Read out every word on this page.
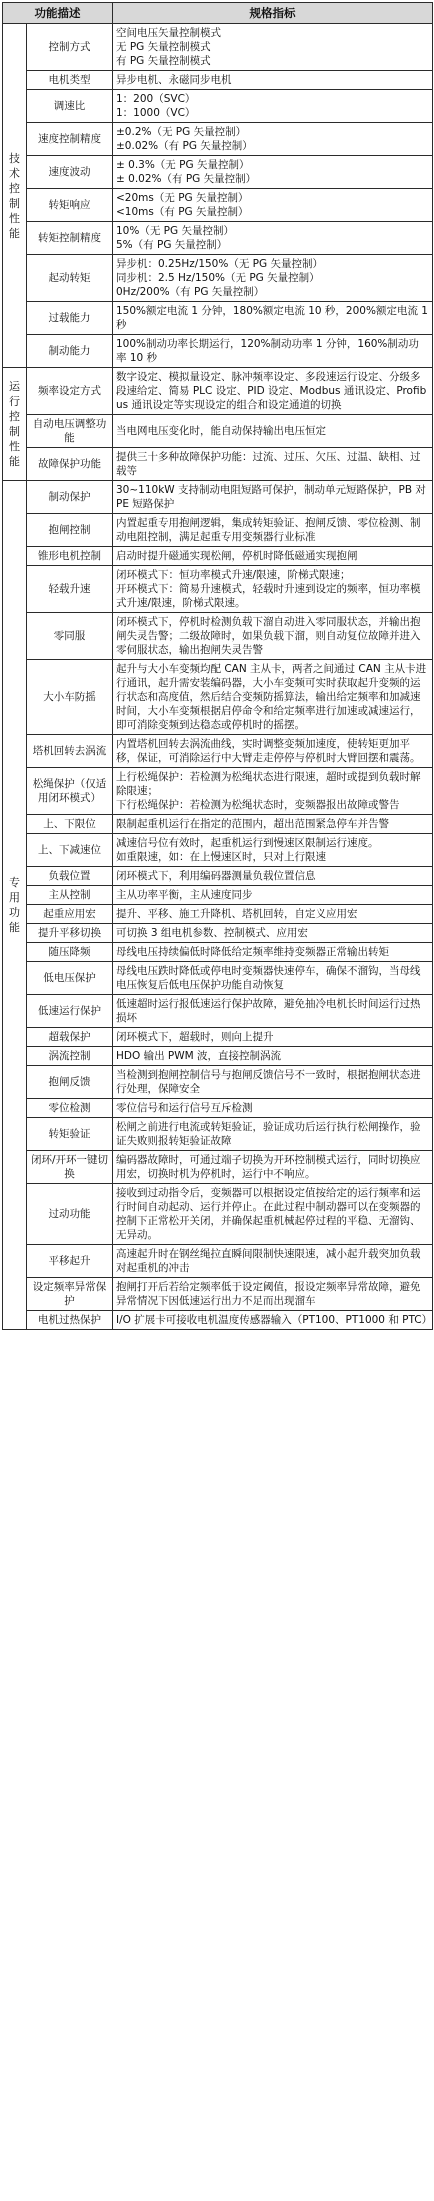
功能描述		规格指标
技术
控制
性能	控制方式	空间电压矢量控制模式
无 PG 矢量控制模式
有 PG 矢量控制模式

	电机类型	异步电机、永磁同步电机

	调速比	1：200（SVC）
1：1000（VC）

	速度控制精度	±0.2%（无 PG 矢量控制）
±0.02%（有 PG 矢量控制）

	速度波动	± 0.3%（无 PG 矢量控制）
± 0.02%（有 PG 矢量控制）

	转矩响应	<20ms（无 PG 矢量控制）
<10ms（有 PG 矢量控制）

	转矩控制精度	10%（无 PG 矢量控制）
5%（有 PG 矢量控制）

	起动转矩	异步机：0.25Hz/150%（无 PG 矢量控制）
同步机：2.5 Hz/150%（无 PG 矢量控制）
0Hz/200%（有 PG 矢量控制）

	过载能力	150%额定电流 1 分钟，180%额定电流 10 秒，200%额定电流 1 秒

	制动能力	100%制动功率长期运行，120%制动功率 1 分钟，160%制动功率 10 秒

运行
控制
性能	频率设定方式	数字设定、模拟量设定、脉冲频率设定、多段速运行设定、分级多段速给定、简易 PLC 设定、PID 设定、Modbus 通讯设定、Profibus 通讯设定等实现设定的组合和设定通道的切换

	自动电压调整功能	当电网电压变化时，能自动保持输出电压恒定

	故障保护功能	提供三十多种故障保护功能：过流、过压、欠压、过温、缺相、过载等

专用
功能	制动保护	30~110kW 支持制动电阻短路可保护，制动单元短路保护，PB 对 PE 短路保护

	抱闸控制	内置起重专用抱闸逻辑，集成转矩验证、抱闸反馈、零位检测、制动电阻控制，满足起重专用变频器行业标准

	锥形电机控制	启动时提升磁通实现松闸，停机时降低磁通实现抱闸

	轻载升速	闭环模式下：恒功率模式升速/限速，阶梯式限速；
开环模式下：简易升速模式，轻载时升速到设定的频率，恒功率模式升速/限速，阶梯式限速。

	零同服	闭环模式下，停机时检测负载下溜自动进入零同服状态，并输出抱闸失灵告警；二级故障时，如果负载下溜，则自动复位故障并进入零伺服状态，输出抱闸失灵告警

	大小车防摇	起升与大小车变频均配 CAN 主从卡，两者之间通过 CAN 主从卡进行通讯，起升需安装编码器，大小车变频可实时获取起升变频的运行状态和高度值，然后结合变频防摇算法，输出给定频率和加减速时间，大小车变频根据启停命令和给定频率进行加速或减速运行，即可消除变频到达稳态或停机时的摇摆。

	塔机回转去涡流	内置塔机回转去涡流曲线，实时调整变频加速度，使转矩更加平移，保证，可消除运行中大臂走走停停与停机时大臂回摆和震荡。

	松绳保护（仅适用闭环模式）	上行松绳保护：若检测为松绳状态进行限速，超时或提到负载时解除限速；
下行松绳保护：若检测为松绳状态时，变频器报出故障或警告

	上、下限位	限制起重机运行在指定的范围内，超出范围紧急停车并告警

	上、下减速位	减速信号位有效时，起重机运行到慢速区限制运行速度。
如重限速，如：在上慢速区时，只对上行限速

	负载位置	闭环模式下，利用编码器测量负载位置信息

	主从控制	主从功率平衡，主从速度同步

	起重应用宏	提升、平移、施工升降机、塔机回转，自定义应用宏

	提升平移切换	可切换 3 组电机参数、控制模式、应用宏

	随压降频	母线电压持续偏低时降低给定频率维持变频器正常输出转矩

	低电压保护	母线电压跌时降低或停电时变频器快速停车，确保不溜钩，当母线电压恢复后低电压保护功能自动恢复

	低速运行保护	低速超时运行报低速运行保护故障，避免抽冷电机长时间运行过热损坏

	超载保护	闭环模式下，超载时，则向上提升

	涡流控制	HDO 输出 PWM 波，直接控制涡流

	抱闸反馈	当检测到抱闸控制信号与抱闸反馈信号不一致时，根据抱闸状态进行处理，保障安全

	零位检测	零位信号和运行信号互斥检测

	转矩验证	松闸之前进行电流或转矩验证，验证成功后运行执行松闸操作，验证失败则报转矩验证故障

	闭环/开环一键切换	编码器故障时，可通过端子切换为开环控制模式运行，同时切换应用宏，切换时机为停机时，运行中不响应。

	过动功能	接收到过动指令后，变频器可以根据设定值按给定的运行频率和运行时间自动起动、运行并停止。在此过程中制动器可以在变频器的控制下正常松开关闭，并确保起重机械起停过程的平稳、无溜钩、无异动。

	平移起升	高速起升时在钢丝绳拉直瞬间限制快速限速，减小起升载突加负载对起重机的冲击

	设定频率异常保护	抱闸打开后若给定频率低于设定阈值，报设定频率异常故障，避免异常情况下因低速运行出力不足而出现溜车

	电机过热保护	I/O 扩展卡可接收电机温度传感器输入（PT100、PT1000 和 PTC）
